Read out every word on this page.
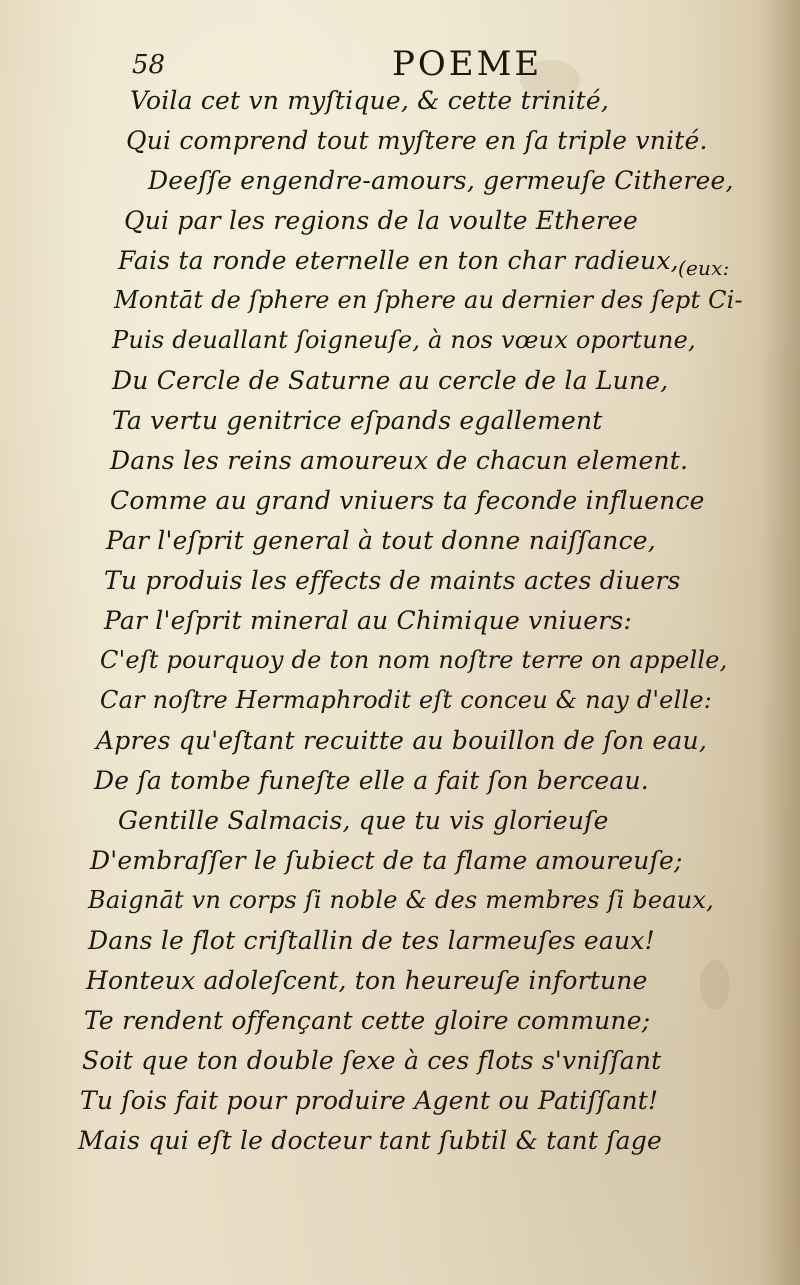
58	POEME
Voila cet vn myſtique, & cette trinité,
Qui comprend tout myſtere en ſa triple vnité.
Deeſſe engendre-amours, germeuſe Citheree,
Qui par les regions de la voulte Etheree
Fais ta ronde eternelle en ton char radieux, (eux:
Montāt de ſphere en ſphere au dernier des ſept Ci-
Puis deuallant ſoigneuſe, à nos vœux oportune,
Du Cercle de Saturne au cercle de la Lune,
Ta vertu genitrice eſpands egallement
Dans les reins amoureux de chacun element.
Comme au grand vniuers ta feconde influence
Par l'eſprit general à tout donne naiſſance,
Tu produis les effects de maints actes diuers
Par l'eſprit mineral au Chimique vniuers:
C'eſt pourquoy de ton nom noſtre terre on appelle,
Car noſtre Hermaphrodit eſt conceu & nay d'elle:
Apres qu'eſtant recuitte au bouillon de ſon eau,
De ſa tombe funeſte elle a fait ſon berceau.
Gentille Salmacis, que tu vis glorieuſe
D'embraſſer le ſubiect de ta flame amoureuſe;
Baignāt vn corps ſi noble & des membres ſi beaux,
Dans le flot criſtallin de tes larmeuſes eaux!
Honteux adoleſcent, ton heureuſe infortune
Te rendent offençant cette gloire commune;
Soit que ton double ſexe à ces flots s'vniſſant
Tu ſois fait pour produire Agent ou Patiſſant!
Mais qui eſt le docteur tant ſubtil & tant ſage
